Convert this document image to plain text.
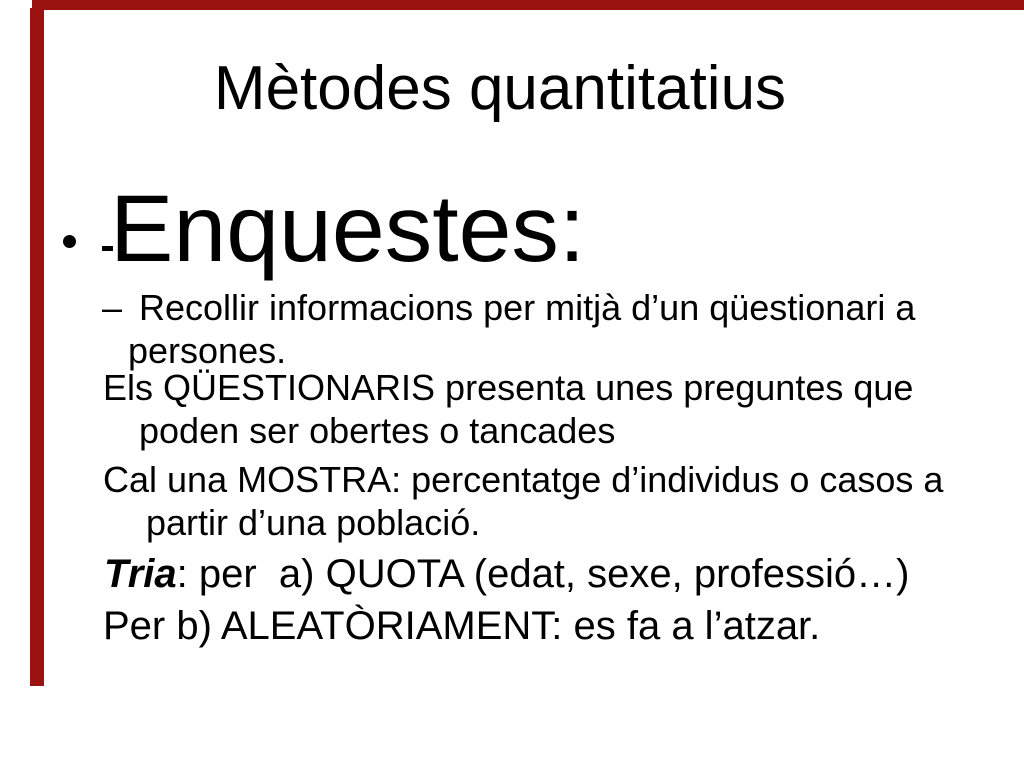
Mètodes quantitatius
Enquestes:
– Recollir informacions per mitjà d’un qüestionari a
persones.
Els QÜESTIONARIS presenta unes preguntes que
poden ser obertes o tancades
Cal una MOSTRA: percentatge d’individus o casos a
partir d’una població.
Tria: per  a) QUOTA (edat, sexe, professió…)
Per b) ALEATÒRIAMENT: es fa a l’atzar.
